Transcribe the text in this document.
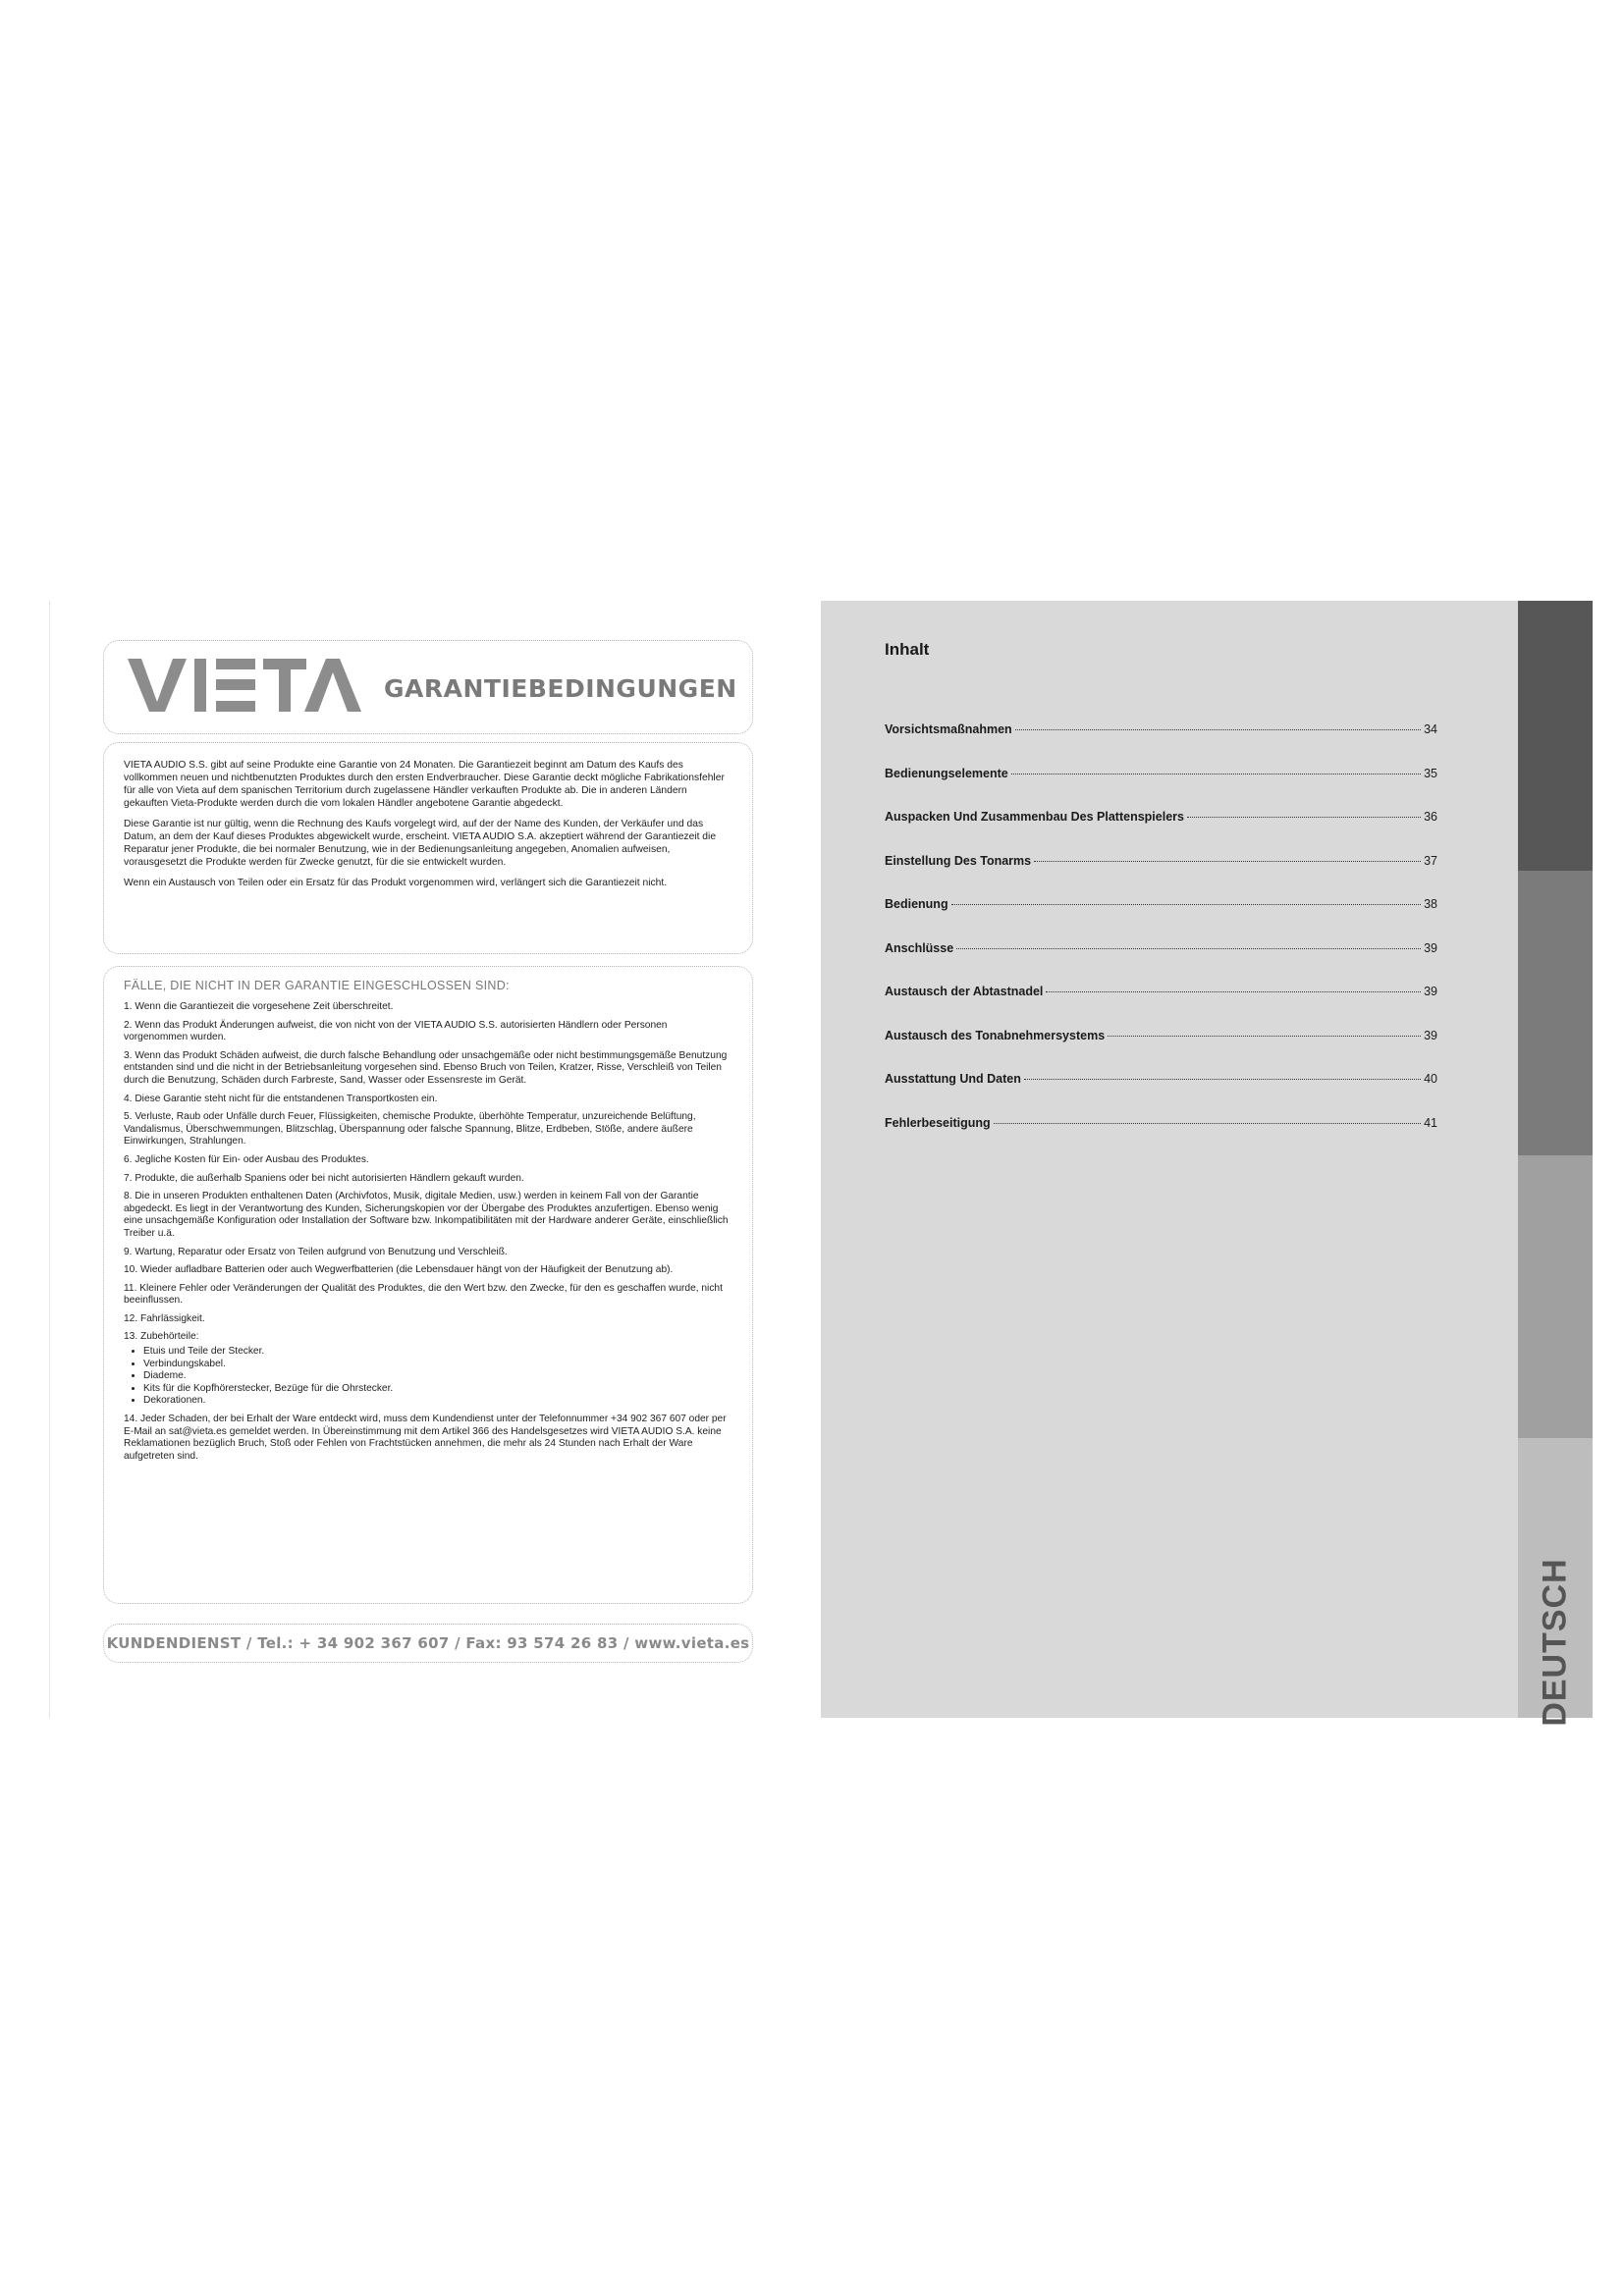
GARANTIEBEDINGUNGEN

VIETA AUDIO S.S. gibt auf seine Produkte eine Garantie von 24 Monaten. Die Garantiezeit beginnt am Datum des Kaufs des vollkommen neuen und nichtbenutzten Produktes durch den ersten Endverbraucher. Diese Garantie deckt mögliche Fabrikationsfehler für alle von Vieta auf dem spanischen Territorium durch zugelassene Händler verkauften Produkte ab. Die in anderen Ländern gekauften Vieta-Produkte werden durch die vom lokalen Händler angebotene Garantie abgedeckt.

Diese Garantie ist nur gültig, wenn die Rechnung des Kaufs vorgelegt wird, auf der der Name des Kunden, der Verkäufer und das Datum, an dem der Kauf dieses Produktes abgewickelt wurde, erscheint. VIETA AUDIO S.A. akzeptiert während der Garantiezeit die Reparatur jener Produkte, die bei normaler Benutzung, wie in der Bedienungsanleitung angegeben, Anomalien aufweisen, vorausgesetzt die Produkte werden für Zwecke genutzt, für die sie entwickelt wurden.

Wenn ein Austausch von Teilen oder ein Ersatz für das Produkt vorgenommen wird, verlängert sich die Garantiezeit nicht.

FÄLLE, DIE NICHT IN DER GARANTIE EINGESCHLOSSEN SIND:

1. Wenn die Garantiezeit die vorgesehene Zeit überschreitet.

2. Wenn das Produkt Änderungen aufweist, die von nicht von der VIETA AUDIO S.S. autorisierten Händlern oder Personen vorgenommen wurden.

3. Wenn das Produkt Schäden aufweist, die durch falsche Behandlung oder unsachgemäße oder nicht bestimmungsgemäße Benutzung entstanden sind und die nicht in der Betriebsanleitung vorgesehen sind. Ebenso Bruch von Teilen, Kratzer, Risse, Verschleiß von Teilen durch die Benutzung, Schäden durch Farbreste, Sand, Wasser oder Essensreste im Gerät.

4. Diese Garantie steht nicht für die entstandenen Transportkosten ein.

5. Verluste, Raub oder Unfälle durch Feuer, Flüssigkeiten, chemische Produkte, überhöhte Temperatur, unzureichende Belüftung, Vandalismus, Überschwemmungen, Blitzschlag, Überspannung oder falsche Spannung, Blitze, Erdbeben, Stöße, andere äußere Einwirkungen, Strahlungen.

6. Jegliche Kosten für Ein- oder Ausbau des Produktes.

7. Produkte, die außerhalb Spaniens oder bei nicht autorisierten Händlern gekauft wurden.

8. Die in unseren Produkten enthaltenen Daten (Archivfotos, Musik, digitale Medien, usw.) werden in keinem Fall von der Garantie abgedeckt. Es liegt in der Verantwortung des Kunden, Sicherungskopien vor der Übergabe des Produktes anzufertigen. Ebenso wenig eine unsachgemäße Konfiguration oder Installation der Software bzw. Inkompatibilitäten mit der Hardware anderer Geräte, einschließlich Treiber u.ä.

9. Wartung, Reparatur oder Ersatz von Teilen aufgrund von Benutzung und Verschleiß.

10. Wieder aufladbare Batterien oder auch Wegwerfbatterien (die Lebensdauer hängt von der Häufigkeit der Benutzung ab).

11. Kleinere Fehler oder Veränderungen der Qualität des Produktes, die den Wert bzw. den Zwecke, für den es geschaffen wurde, nicht beeinflussen.

12. Fahrlässigkeit.

13. Zubehörteile:

• Etuis und Teile der Stecker.
• Verbindungskabel.
• Diademe.
• Kits für die Kopfhörerstecker, Bezüge für die Ohrstecker.
• Dekorationen.

14. Jeder Schaden, der bei Erhalt der Ware entdeckt wird, muss dem Kundendienst unter der Telefonnummer +34 902 367 607 oder per E-Mail an sat@vieta.es gemeldet werden. In Übereinstimmung mit dem Artikel 366 des Handelsgesetzes wird VIETA AUDIO S.A. keine Reklamationen bezüglich Bruch, Stoß oder Fehlen von Frachtstücken annehmen, die mehr als 24 Stunden nach Erhalt der Ware aufgetreten sind.

KUNDENDIENST / Tel.: + 34 902 367 607 / Fax: 93 574 26 83 / www.vieta.es
Inhalt
Vorsichtsmaßnahmen	34
Bedienungselemente	35
Auspacken Und Zusammenbau Des Plattenspielers	36
Einstellung Des Tonarms	37
Bedienung	38
Anschlüsse	39
Austausch der Abtastnadel	39
Austausch des Tonabnehmersystems	39
Ausstattung Und Daten	40
Fehlerbeseitigung	41
DEUTSCH
